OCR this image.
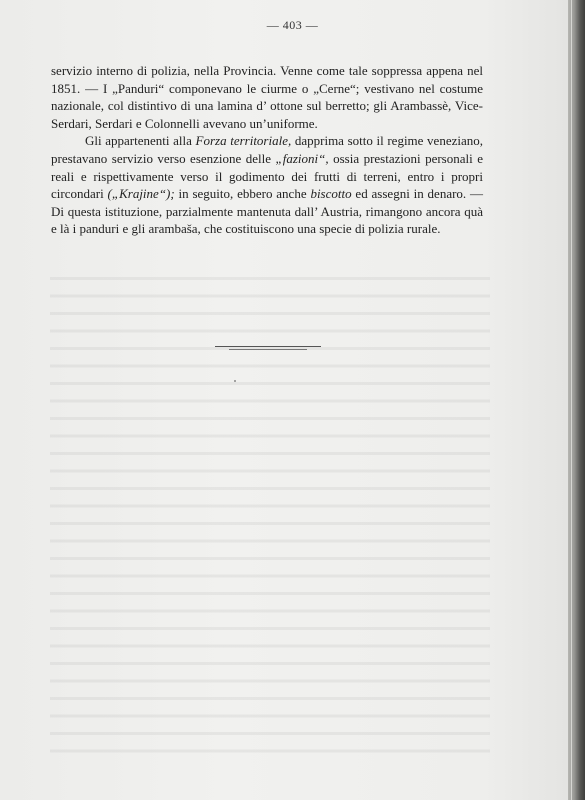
— 403 —

servizio interno di polizia, nella Provincia. Venne come tale soppressa appena nel 1851. — I „Panduri“ componevano le ciurme o „Cerne“; vestivano nel costume nazionale, col distintivo di una lamina d’ ottone sul berretto; gli Arambassè, Vice-Serdari, Serdari e Colonnelli avevano un’uniforme.

Gli appartenenti alla Forza territoriale, dapprima sotto il regime veneziano, prestavano servizio verso esenzione delle „fazioni“, ossia prestazioni personali e reali e rispettivamente verso il godimento dei frutti di terreni, entro i propri circondari („Krajine“); in seguito, ebbero anche biscotto ed assegni in denaro. — Di questa istituzione, parzialmente mantenuta dall’ Austria, rimangono ancora quà e là i panduri e gli arambaša, che costituiscono una specie di polizia rurale.
